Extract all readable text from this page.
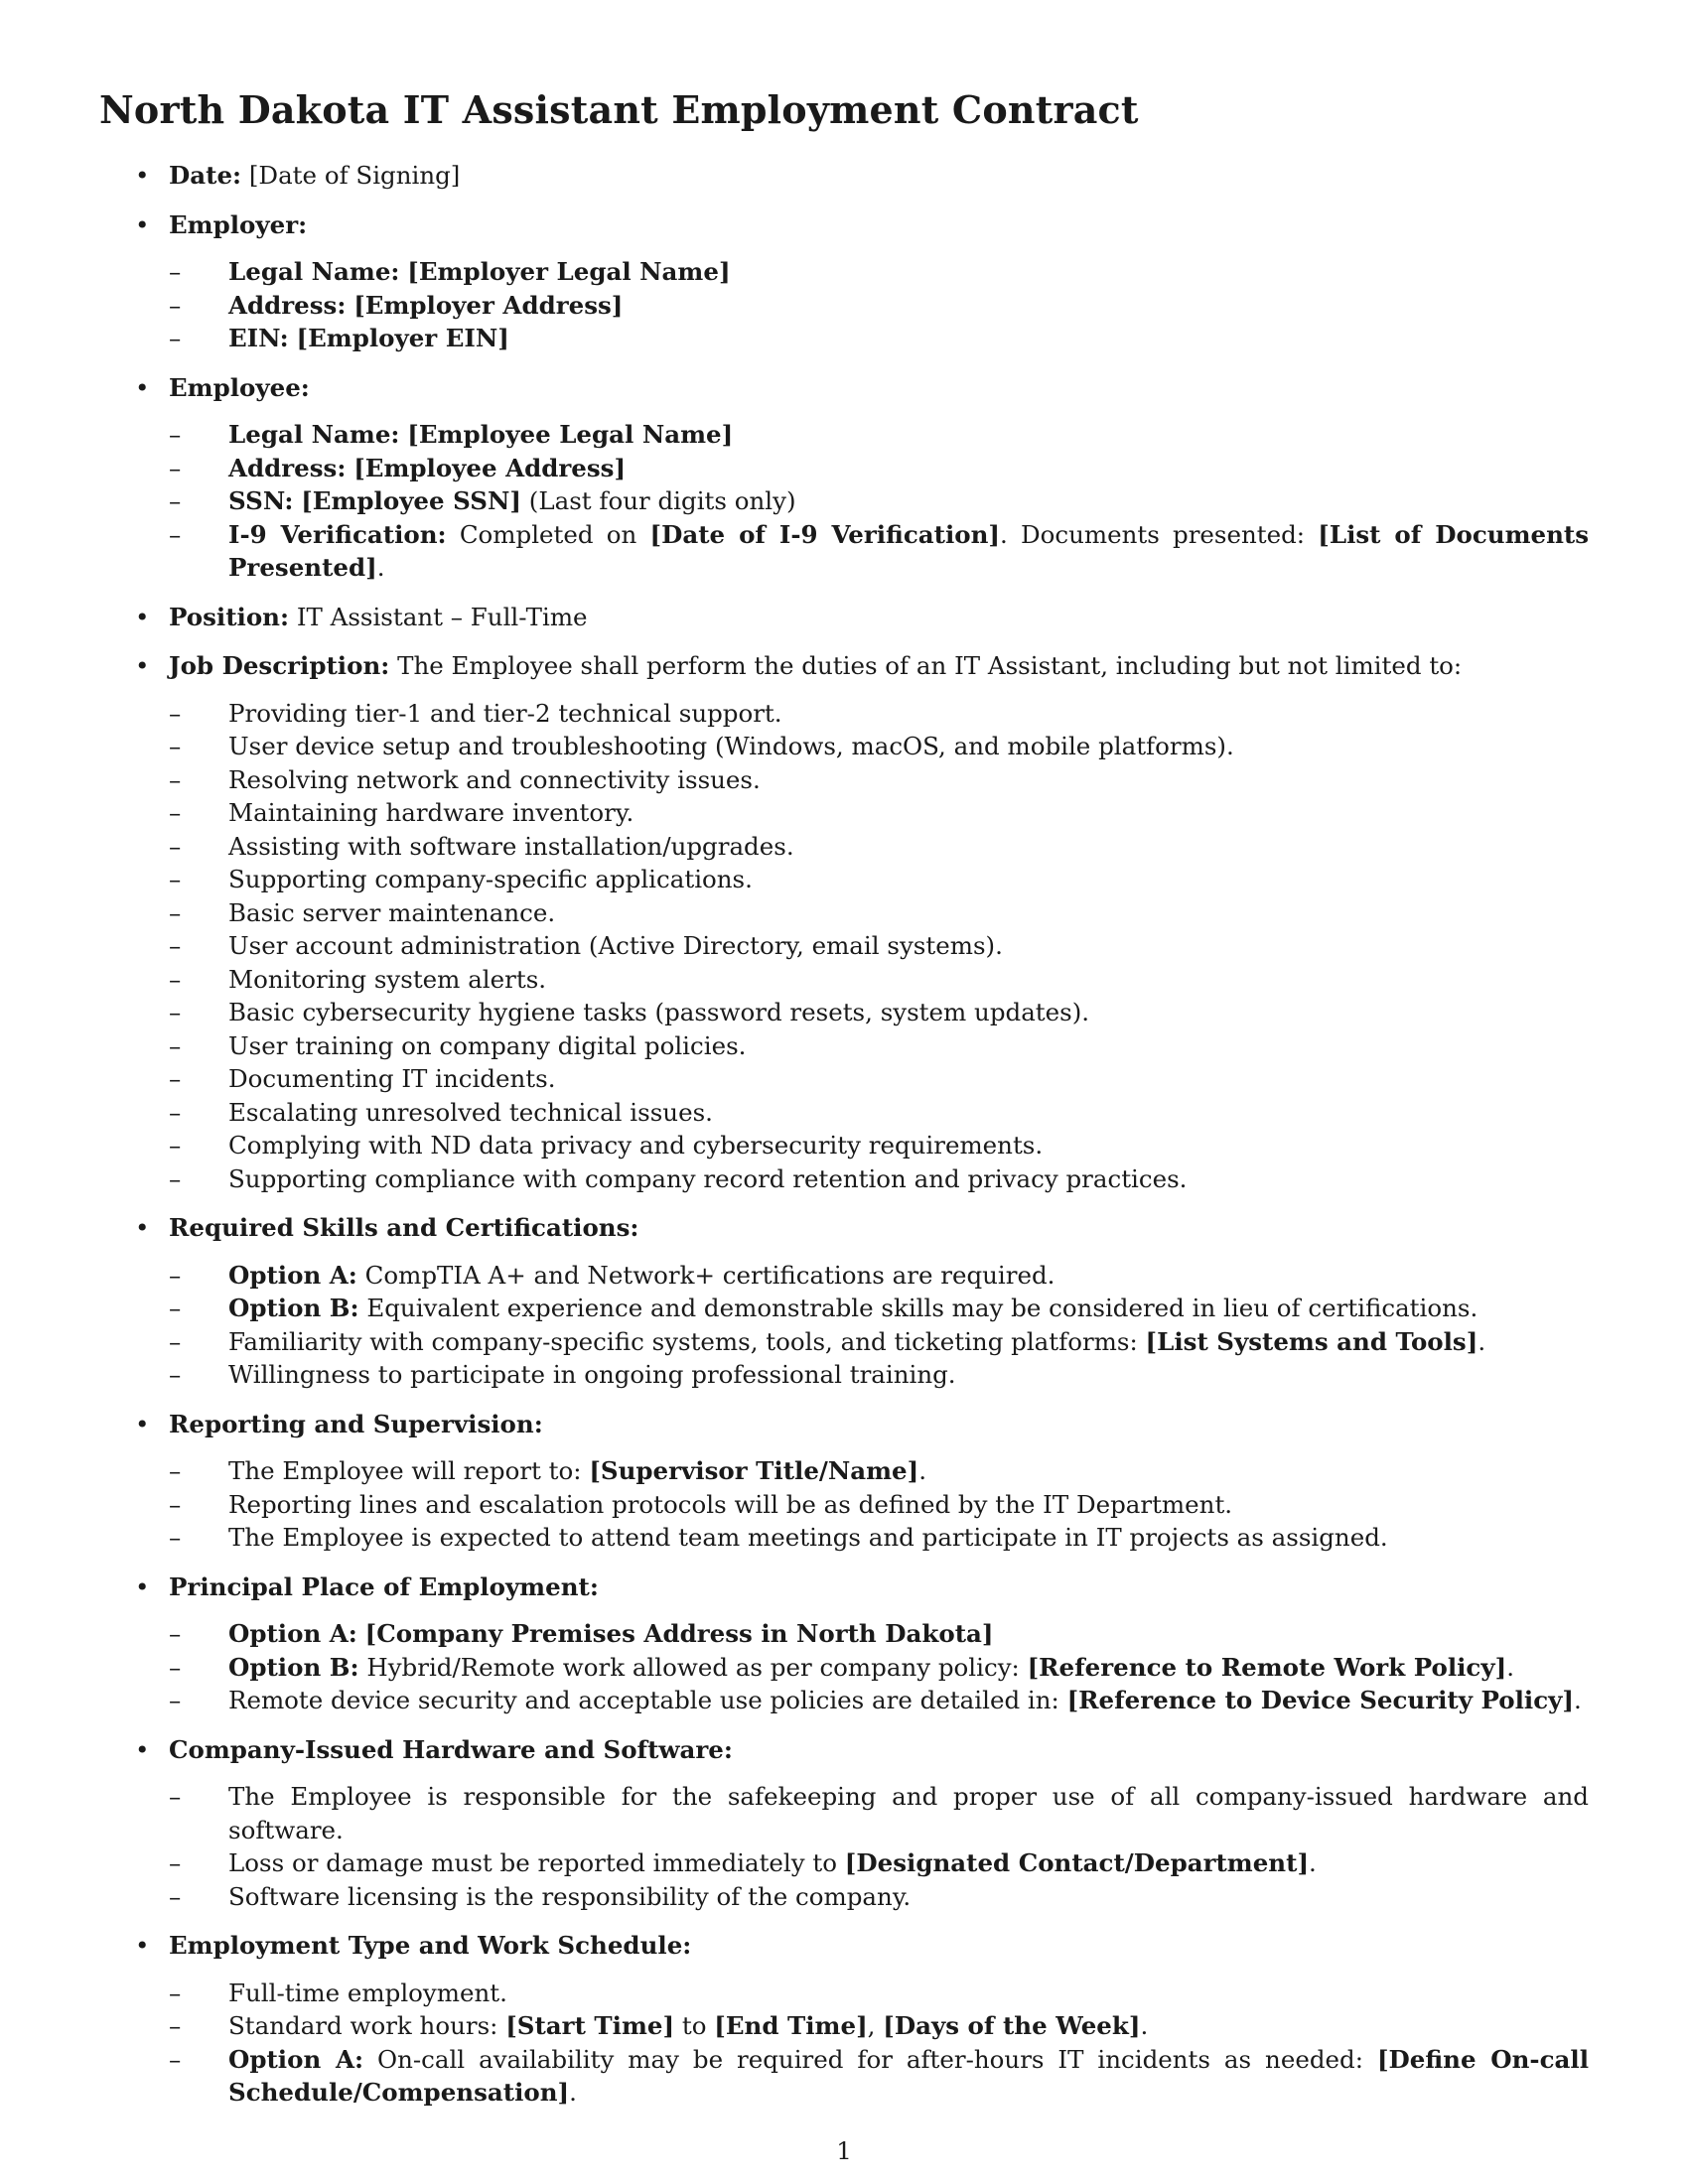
North Dakota IT Assistant Employment Contract
• Date: [Date of Signing]
• Employer:
– Legal Name: [Employer Legal Name]
– Address: [Employer Address]
– EIN: [Employer EIN]
• Employee:
– Legal Name: [Employee Legal Name]
– Address: [Employee Address]
– SSN: [Employee SSN] (Last four digits only)
– I-9 Verification: Completed on [Date of I-9 Verification]. Documents presented: [List of Documents Presented].
• Position: IT Assistant – Full-Time
• Job Description: The Employee shall perform the duties of an IT Assistant, including but not limited to:
– Providing tier-1 and tier-2 technical support.
– User device setup and troubleshooting (Windows, macOS, and mobile platforms).
– Resolving network and connectivity issues.
– Maintaining hardware inventory.
– Assisting with software installation/upgrades.
– Supporting company-specific applications.
– Basic server maintenance.
– User account administration (Active Directory, email systems).
– Monitoring system alerts.
– Basic cybersecurity hygiene tasks (password resets, system updates).
– User training on company digital policies.
– Documenting IT incidents.
– Escalating unresolved technical issues.
– Complying with ND data privacy and cybersecurity requirements.
– Supporting compliance with company record retention and privacy practices.
• Required Skills and Certifications:
– Option A: CompTIA A+ and Network+ certifications are required.
– Option B: Equivalent experience and demonstrable skills may be considered in lieu of certifications.
– Familiarity with company-specific systems, tools, and ticketing platforms: [List Systems and Tools].
– Willingness to participate in ongoing professional training.
• Reporting and Supervision:
– The Employee will report to: [Supervisor Title/Name].
– Reporting lines and escalation protocols will be as defined by the IT Department.
– The Employee is expected to attend team meetings and participate in IT projects as assigned.
• Principal Place of Employment:
– Option A: [Company Premises Address in North Dakota]
– Option B: Hybrid/Remote work allowed as per company policy: [Reference to Remote Work Policy].
– Remote device security and acceptable use policies are detailed in: [Reference to Device Security Policy].
• Company-Issued Hardware and Software:
– The Employee is responsible for the safekeeping and proper use of all company-issued hardware and software.
– Loss or damage must be reported immediately to [Designated Contact/Department].
– Software licensing is the responsibility of the company.
• Employment Type and Work Schedule:
– Full-time employment.
– Standard work hours: [Start Time] to [End Time], [Days of the Week].
– Option A: On-call availability may be required for after-hours IT incidents as needed: [Define On-call Schedule/Compensation].
1
